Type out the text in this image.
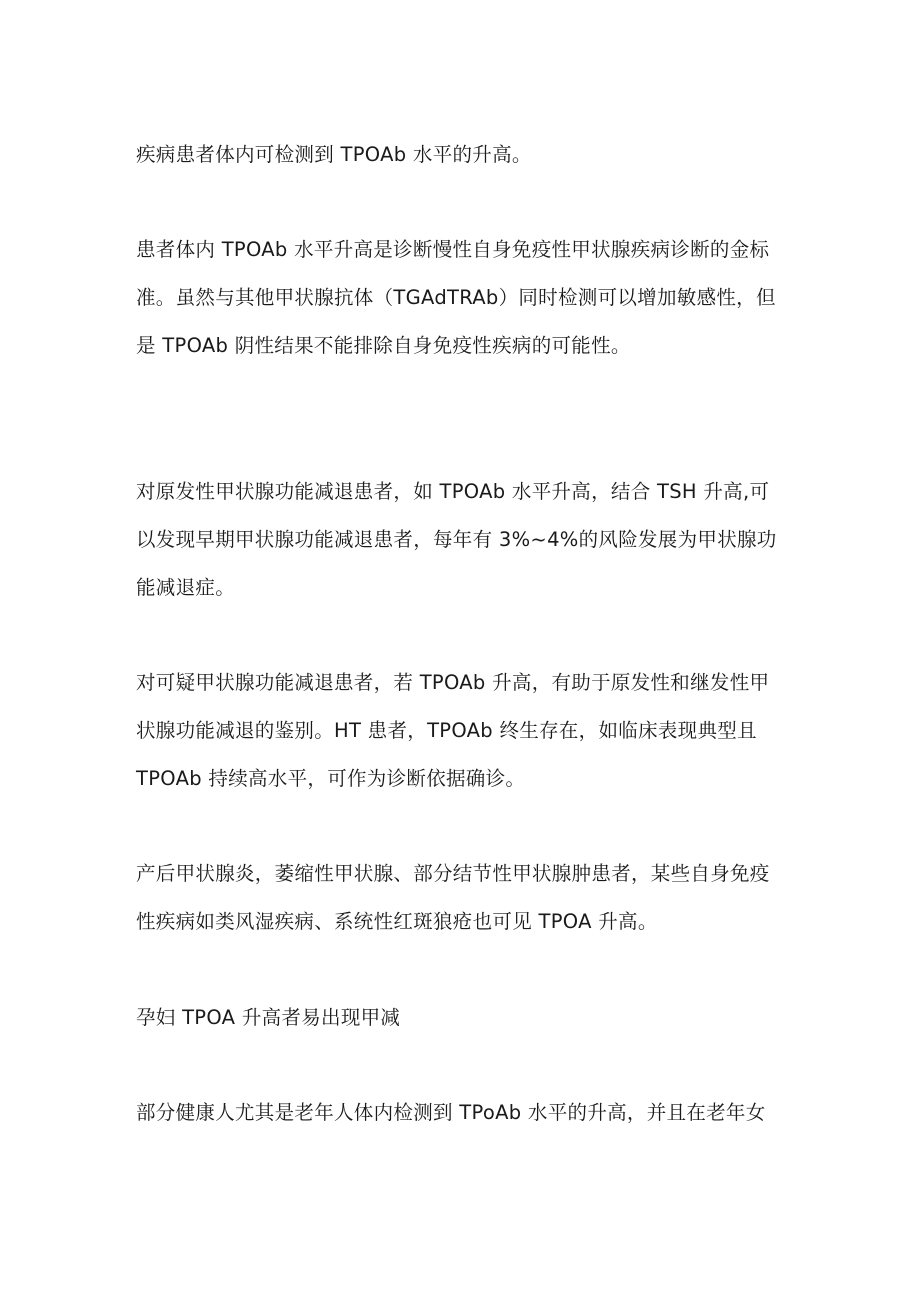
疾病患者体内可检测到 TPOAb 水平的升高。
患者体内 TPOAb 水平升高是诊断慢性自身免疫性甲状腺疾病诊断的金标
准。虽然与其他甲状腺抗体（TGAdTRAb）同时检测可以增加敏感性，但
是 TPOAb 阴性结果不能排除自身免疫性疾病的可能性。
对原发性甲状腺功能减退患者，如 TPOAb 水平升高，结合 TSH 升高,可
以发现早期甲状腺功能减退患者，每年有 3%~4%的风险发展为甲状腺功
能减退症。
对可疑甲状腺功能减退患者，若 TPOAb 升高，有助于原发性和继发性甲
状腺功能减退的鉴别。HT 患者，TPOAb 终生存在，如临床表现典型且
TPOAb 持续高水平，可作为诊断依据确诊。
产后甲状腺炎，萎缩性甲状腺、部分结节性甲状腺肿患者，某些自身免疫
性疾病如类风湿疾病、系统性红斑狼疮也可见 TPOA 升高。
孕妇 TPOA 升高者易出现甲减
部分健康人尤其是老年人体内检测到 TPoAb 水平的升高，并且在老年女
